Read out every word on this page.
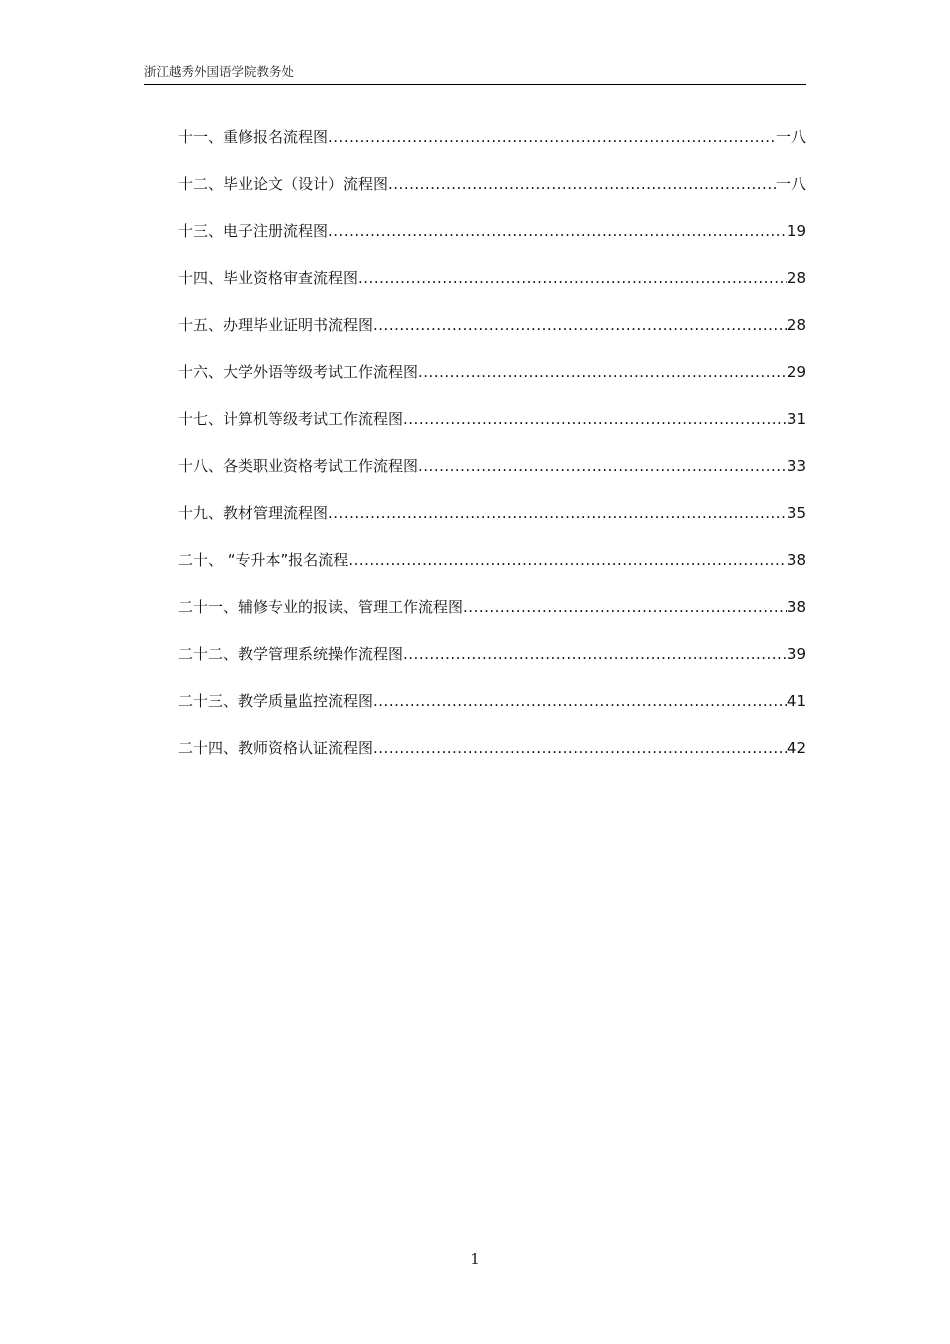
浙江越秀外国语学院教务处
十一、重修报名流程图 .....	一八
十二、毕业论文（设计）流程图 .....	一八
十三、电子注册流程图 .....	19
十四、毕业资格审查流程图 .....	28
十五、办理毕业证明书流程图 .....	28
十六、大学外语等级考试工作流程图 .....	29
十七、计算机等级考试工作流程图 .....	31
十八、各类职业资格考试工作流程图 .....	33
十九、教材管理流程图 .....	35
二十、 “专升本”报名流程 .....	38
二十一、辅修专业的报读、管理工作流程图 .....	38
二十二、教学管理系统操作流程图 .....	39
二十三、教学质量监控流程图 .....	41
二十四、教师资格认证流程图 .....	42
1
